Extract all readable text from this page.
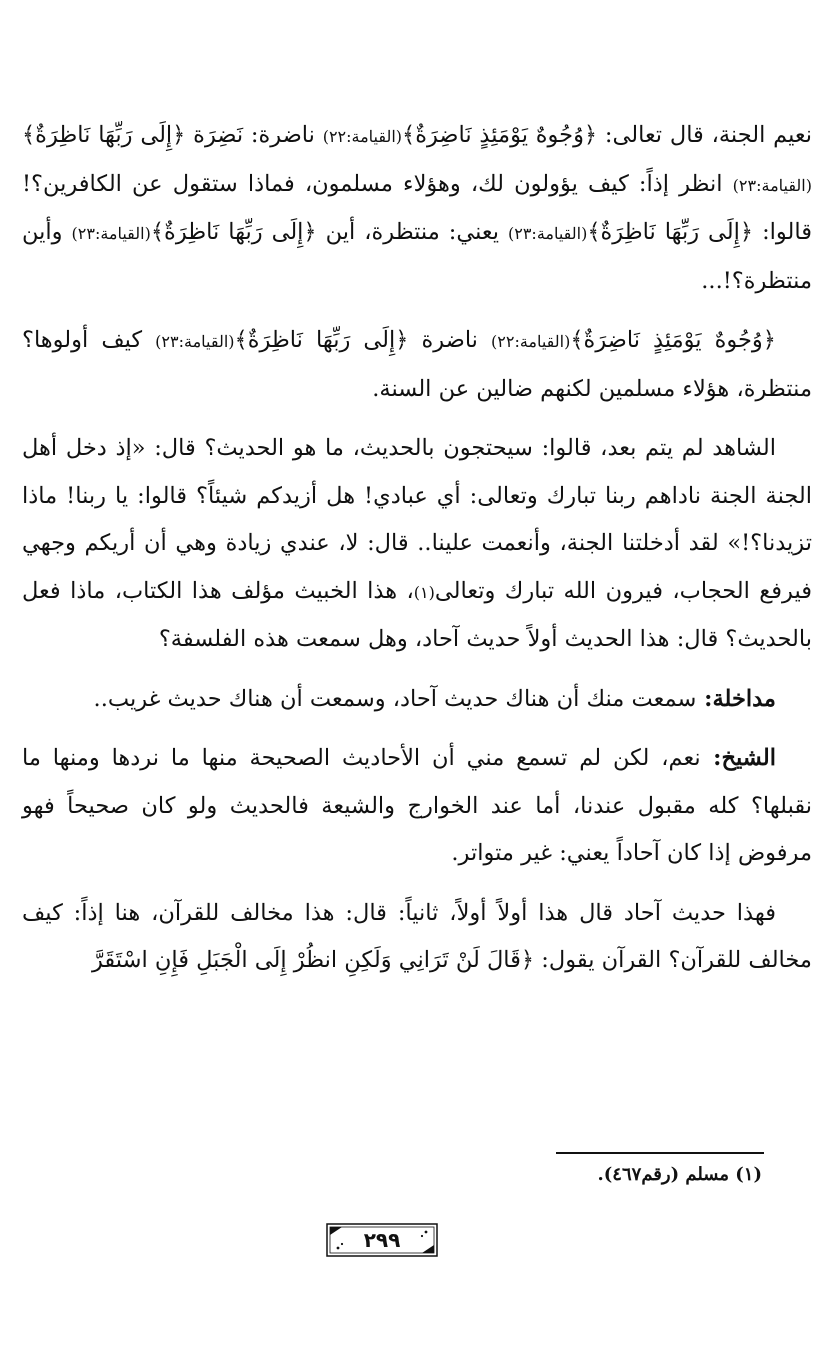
نعيم الجنة، قال تعالى: ﴿وُجُوهٌ يَوْمَئِذٍ نَاضِرَةٌ﴾(القيامة:٢٢) ناضرة: نَضِرَة ﴿إِلَى رَبِّهَا نَاظِرَةٌ﴾(القيامة:٢٣) انظر إذاً: كيف يؤولون لك، وهؤلاء مسلمون، فماذا ستقول عن الكافرين؟! قالوا: ﴿إِلَى رَبِّهَا نَاظِرَةٌ﴾(القيامة:٢٣) يعني: منتظرة، أين ﴿إِلَى رَبِّهَا نَاظِرَةٌ﴾(القيامة:٢٣) وأين منتظرة؟!...

﴿وُجُوهٌ يَوْمَئِذٍ نَاضِرَةٌ﴾(القيامة:٢٢) ناضرة ﴿إِلَى رَبِّهَا نَاظِرَةٌ﴾(القيامة:٢٣) كيف أولوها؟ منتظرة، هؤلاء مسلمين لكنهم ضالين عن السنة.

الشاهد لم يتم بعد، قالوا: سيحتجون بالحديث، ما هو الحديث؟ قال: «إذ دخل أهل الجنة الجنة ناداهم ربنا تبارك وتعالى: أي عبادي! هل أزيدكم شيئاً؟ قالوا: يا ربنا! ماذا تزيدنا؟!» لقد أدخلتنا الجنة، وأنعمت علينا.. قال: لا، عندي زيادة وهي أن أريكم وجهي فيرفع الحجاب، فيرون الله تبارك وتعالى(١)، هذا الخبيث مؤلف هذا الكتاب، ماذا فعل بالحديث؟ قال: هذا الحديث أولاً حديث آحاد، وهل سمعت هذه الفلسفة؟

مداخلة: سمعت منك أن هناك حديث آحاد، وسمعت أن هناك حديث غريب..

الشيخ: نعم، لكن لم تسمع مني أن الأحاديث الصحيحة منها ما نردها ومنها ما نقبلها؟ كله مقبول عندنا، أما عند الخوارج والشيعة فالحديث ولو كان صحيحاً فهو مرفوض إذا كان آحاداً يعني: غير متواتر.

فهذا حديث آحاد قال هذا أولاً أولاً، ثانياً: قال: هذا مخالف للقرآن، هنا إذاً: كيف مخالف للقرآن؟ القرآن يقول: ﴿قَالَ لَنْ تَرَانِي وَلَكِنِ انظُرْ إِلَى الْجَبَلِ فَإِنِ اسْتَقَرَّ

(١) مسلم (رقم٤٦٧).
٢٩٩
